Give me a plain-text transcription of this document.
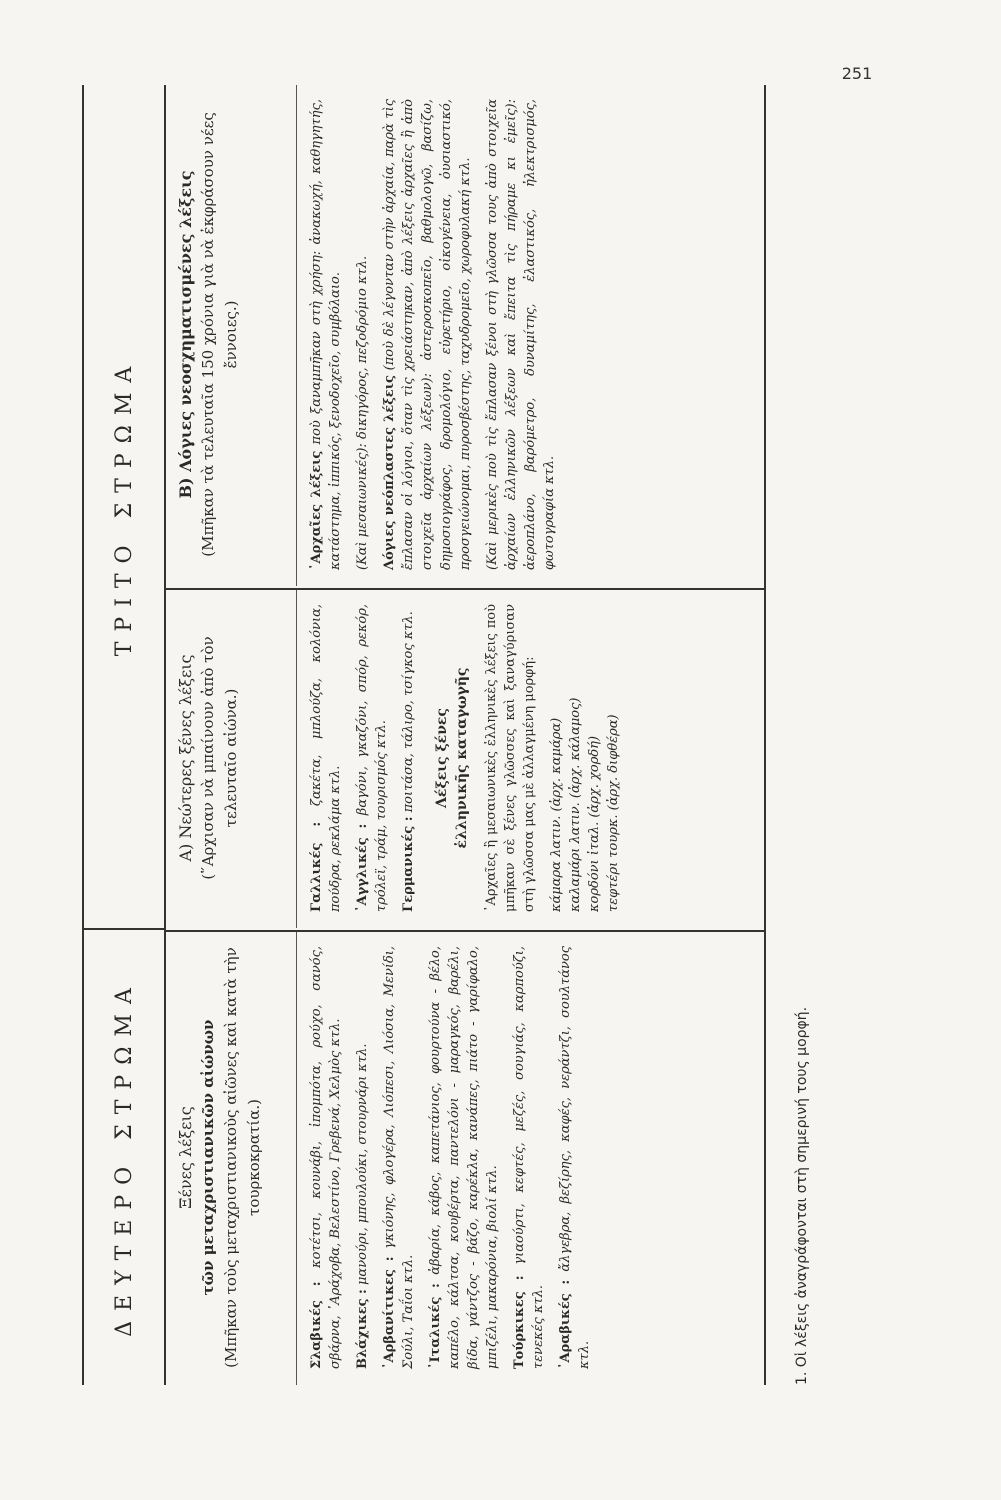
251
ΔΕΥΤΕΡΟ ΣΤΡΩΜΑ
ΤΡΙΤΟ ΣΤΡΩΜΑ
Ξένες λέξεις τῶν μεταχριστιανικῶν αἰώνων (Μπῆκαν τοὺς μεταχριστιανικοὺς αἰῶνες καὶ κατὰ τὴν τουρκοκρατία.)

Σλαβικές : κοτέτσι, κουνάβι, ἰπομπότα, ρούχο, σανός, σβάρνα, ᾿Αράχοβα, Βελεστίνο, Γρεβενά, Χελμὸς κτλ. Βλάχικες : μανούρι, μπουλούκι, στουρνάρι κτλ.

᾿Αρβανίτικες : γκιόνης, φλογέρα, Λιόπεσι, Λιόσια, Μενίδι, Σούλι, Ταΐοι κτλ. ᾿Ιταλικές : ἀβαρία, κάβος, καπετάνιος, φουρτούνα - βέλο, καπέλο, κάλτσα, κουβέρτα, παντελόνι - μαραγκός, βαρέλι, βίδα, γάντζος - βάζο, καρέκλα, κανάπες, πιάτο - γαρίφαλο, μπιζέλι, μακαρόνια, βιολί κτλ. Τούρκικες : γιαούρτι, κεφτές, μεζές, σουγιάς, καρπούζι, τενεκές κτλ. ᾿Αραβικές : ἄλγεβρα, βεζίρης, καφές, νεράντζι, σουλτάνος κτλ.

Α) Νεώτερες ξένες λέξεις (῞Αρχισαν νὰ μπαίνουν ἀπὸ τὸν τελευταῖο αἰώνα.)

Γαλλικές : ζακέτα, μπλούζα, κολόνια, πούδρα, ρεκλάμα κτλ. ᾿Αγγλικές : βαγόνι, γκαζόνι, σπόρ, ρεκόρ, τρόλεϊ, τράμ, τουρισμός κτλ. Γερμανικές : ποιτάσα, τάλιρο, τσίγκος κτλ. Λέξεις ξένες ἑλληνικῆς καταγωγῆς ᾿Αρχαῖες ἢ μεσαιωνικὲς ἑλληνικὲς λέξεις ποὺ μπῆκαν σὲ ξένες γλῶσσες καὶ ξαναγύρισαν στὴ γλῶσσα μας μὲ ἀλλαγμένη μορφή: κάμαρα λατιν. (ἀρχ. καμάρα) καλαμάρι λατιν. (ἀρχ. κάλαμος) κορδόνι ἰταλ. (ἀρχ. χορδή) τεφτέρι τουρκ. (ἀρχ. διφθέρα)

Β) Λόγιες νεοσχηματισμένες λέξεις (Μπῆκαν τὰ τελευταῖα 150 χρόνια γιὰ νὰ ἐκφράσουν νέες ἔννοιες.)

᾿Αρχαῖες λέξεις ποὺ ξαναμπῆκαν στὴ χρήση: ἀνακωχή, καθηγητής, κατάστημα, ἱππικός, ξενοδοχεῖο, συμβόλαιο. (Καὶ μεσαιωνικές): δικηγόρος, πεζοδρόμιο κτλ.

Λόγιες νεόπλαστες λέξεις (ποὺ δὲ λέγονταν στὴν ἀρχαία, παρὰ τὶς ἔπλασαν οἱ λόγιοι, ὅταν τὶς χρειάστηκαν, ἀπὸ λέξεις ἀρχαῖες ἢ ἀπὸ στοιχεῖα ἀρχαίων λέξεων): ἀστεροσκοπεῖο, βαθμολογῶ, βασίζω, δημοσιογράφος, δρομολόγιο, εὑρετήριο, οἰκογένεια, ὀυσιαστικό, προσγειώνομαι, πυροσβέστης, ταχυδρομεῖο, χωροφυλακή κτλ. (Καὶ μερικὲς ποὺ τὶς ἔπλασαν ξένοι στὴ γλῶσσα τους ἀπὸ στοιχεῖα ἀρχαίων ἑλληνικῶν λέξεων καὶ ἔπειτα τὶς πήραμε κι ἐμεῖς): ἀεροπλάνο, βαρόμετρο, δυναμίτης, ἐλαστικός, ἠλεκτρισμός, φωτογραφία κτλ.

1. Οἱ λέξεις ἀναγράφονται στὴ σημερινή τους μορφή.
